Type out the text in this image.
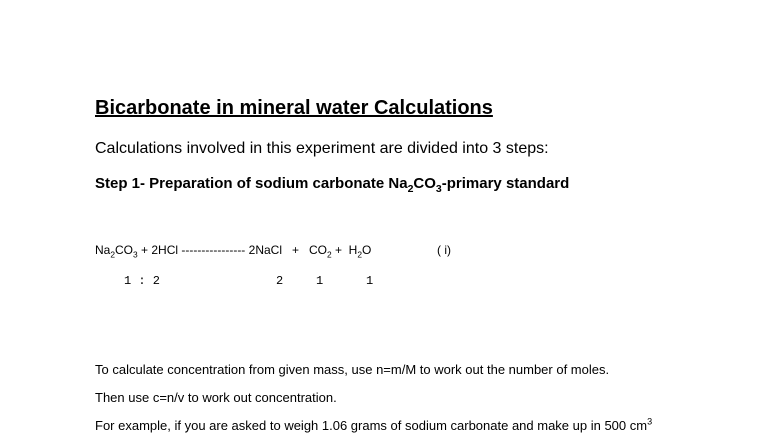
Bicarbonate in mineral water Calculations
Calculations involved in this experiment are divided into 3 steps:
Step 1- Preparation of sodium carbonate $Na_2CO_3$-primary standard
$Na_2CO_3 + 2HCl$ ---------------- 2NaCl   +   $CO_2 + H_2O$	( i)
1 : 2	2	1	1
To calculate concentration from given mass, use n=m/M to work out the number of moles.
Then use c=n/v to work out concentration.
For example, if you are asked to weigh 1.06 grams of sodium carbonate and make up in 500 $cm^3$
